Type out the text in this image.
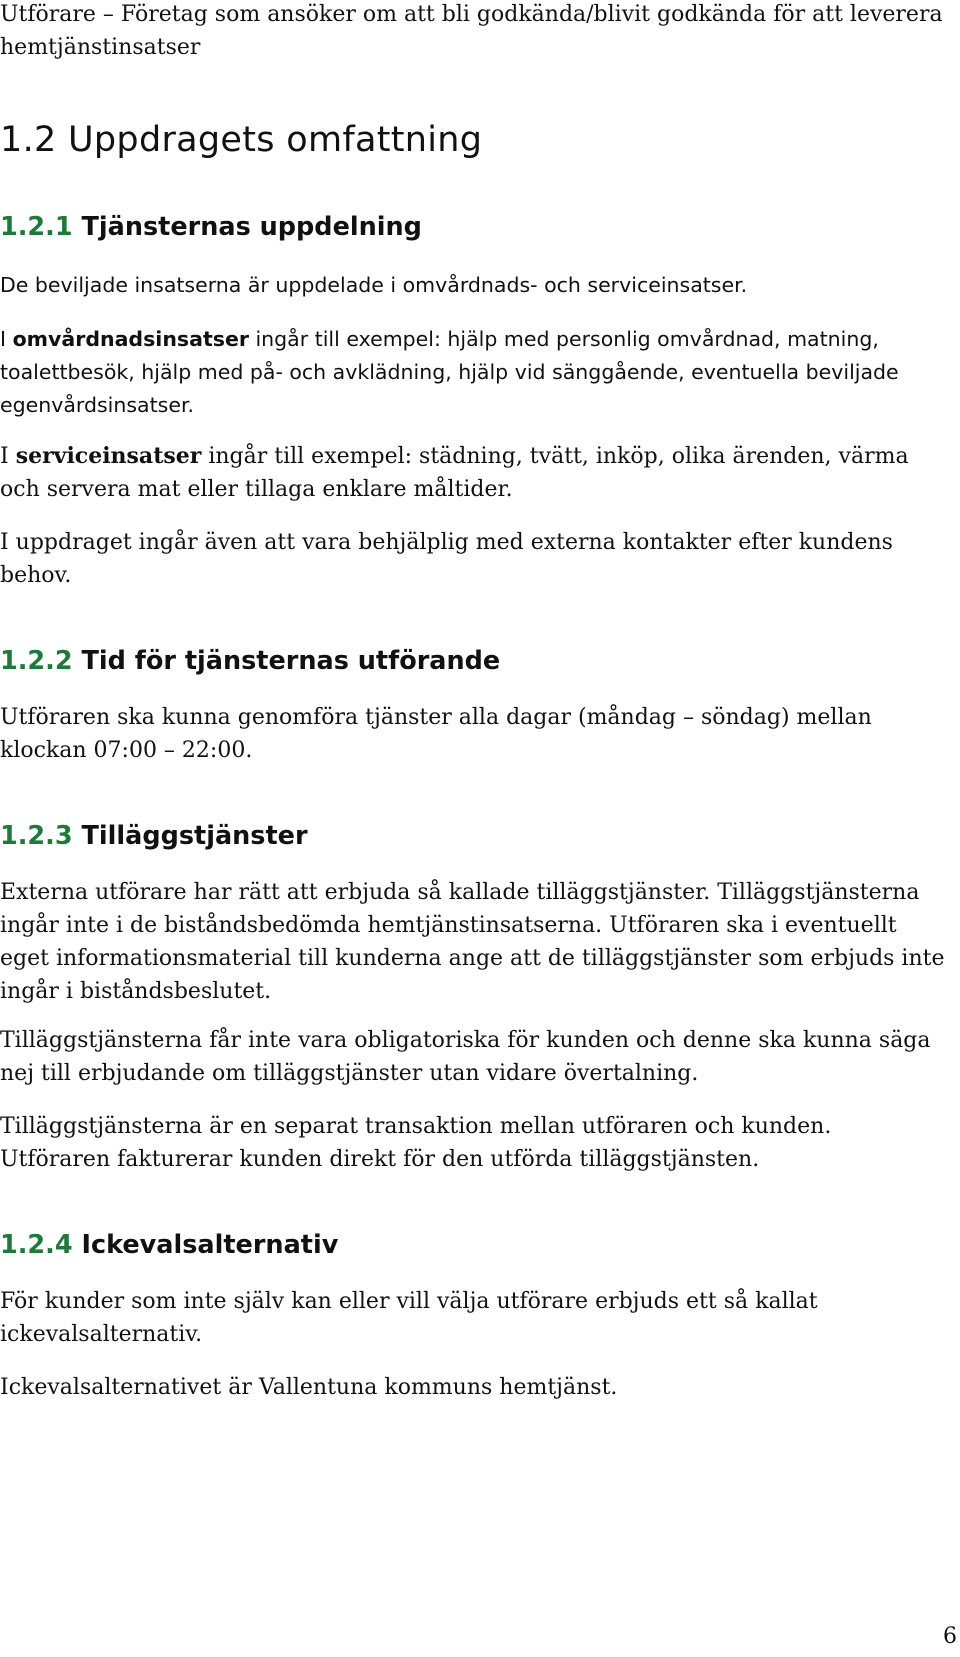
Utförare – Företag som ansöker om att bli godkända/blivit godkända för att leverera hemtjänstinsatser

1.2 Uppdragets omfattning
1.2.1 Tjänsternas uppdelning

De beviljade insatserna är uppdelade i omvårdnads- och serviceinsatser.

I omvårdnadsinsatser ingår till exempel: hjälp med personlig omvårdnad, matning, toalettbesök, hjälp med på- och avklädning, hjälp vid sänggående, eventuella beviljade egenvårdsinsatser.

I serviceinsatser ingår till exempel: städning, tvätt, inköp, olika ärenden, värma och servera mat eller tillaga enklare måltider.

I uppdraget ingår även att vara behjälplig med externa kontakter efter kundens behov.

1.2.2 Tid för tjänsternas utförande

Utföraren ska kunna genomföra tjänster alla dagar (måndag – söndag) mellan klockan 07:00 – 22:00.

1.2.3 Tilläggstjänster

Externa utförare har rätt att erbjuda så kallade tilläggstjänster. Tilläggstjänsterna ingår inte i de biståndsbedömda hemtjänstinsatserna. Utföraren ska i eventuellt eget informationsmaterial till kunderna ange att de tilläggstjänster som erbjuds inte ingår i biståndsbeslutet.

Tilläggstjänsterna får inte vara obligatoriska för kunden och denne ska kunna säga nej till erbjudande om tilläggstjänster utan vidare övertalning.

Tilläggstjänsterna är en separat transaktion mellan utföraren och kunden. Utföraren fakturerar kunden direkt för den utförda tilläggstjänsten.

1.2.4 Ickevalsalternativ

För kunder som inte själv kan eller vill välja utförare erbjuds ett så kallat ickevalsalternativ.

Ickevalsalternativet är Vallentuna kommuns hemtjänst.

6
